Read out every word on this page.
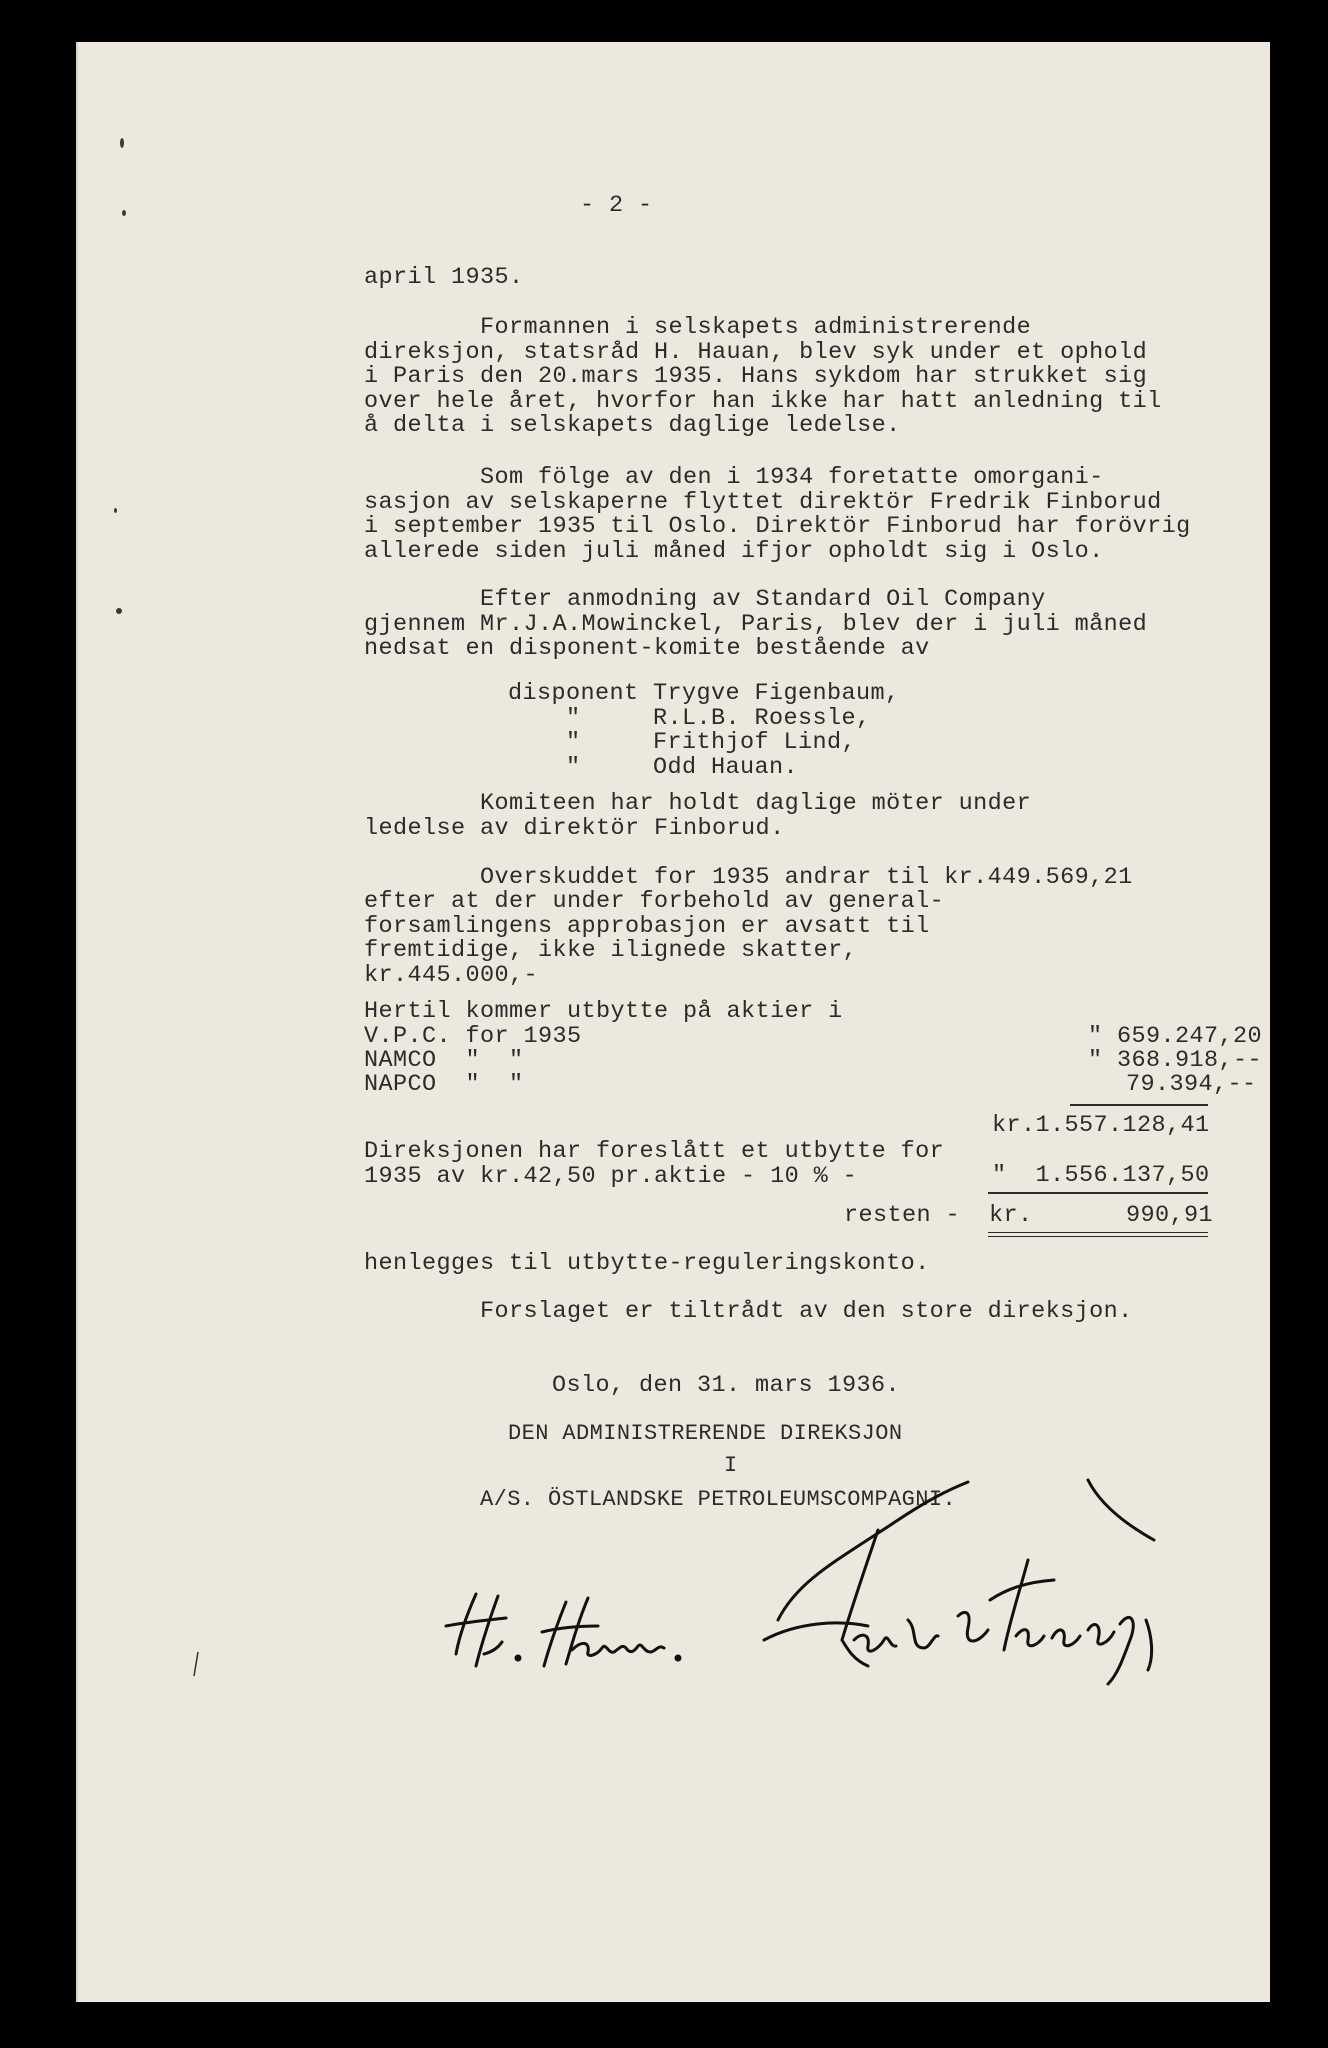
- 2 -

april 1935.

Formannen i selskapets administrerende
direksjon, statsråd H. Hauan, blev syk under et ophold
i Paris den 20.mars 1935. Hans sykdom har strukket sig
over hele året, hvorfor han ikke har hatt anledning til
å delta i selskapets daglige ledelse.

Som fölge av den i 1934 foretatte omorgani-
sasjon av selskaperne flyttet direktör Fredrik Finborud
i september 1935 til Oslo. Direktör Finborud har forövrig
allerede siden juli måned ifjor opholdt sig i Oslo.

Efter anmodning av Standard Oil Company
gjennem Mr.J.A.Mowinckel, Paris, blev der i juli måned
nedsat en disponent-komite bestående av

disponent Trygve Figenbaum,
"     R.L.B. Roessle,
"     Frithjof Lind,
"     Odd Hauan.

Komiteen har holdt daglige möter under
ledelse av direktör Finborud.

Overskuddet for 1935 andrar til kr.449.569,21

efter at der under forbehold av general-
forsamlingens approbasjon er avsatt til
fremtidige, ikke ilignede skatter,
kr.445.000,-

Hertil kommer utbytte på aktier i

V.P.C. for 1935	" 659.247,20

NAMCO  "  "	" 368.918,--

NAPCO  "  "	79.394,--

kr.1.557.128,41

Direksjonen har foreslått et utbytte for
1935 av kr.42,50 pr.aktie - 10 % -	"  1.556.137,50

resten -  kr.	990,91

henlegges til utbytte-reguleringskonto.

Forslaget er tiltrådt av den store direksjon.

Oslo, den 31. mars 1936.

DEN ADMINISTRERENDE DIREKSJON

I

A/S. ÖSTLANDSKE PETROLEUMSCOMPAGNI.
